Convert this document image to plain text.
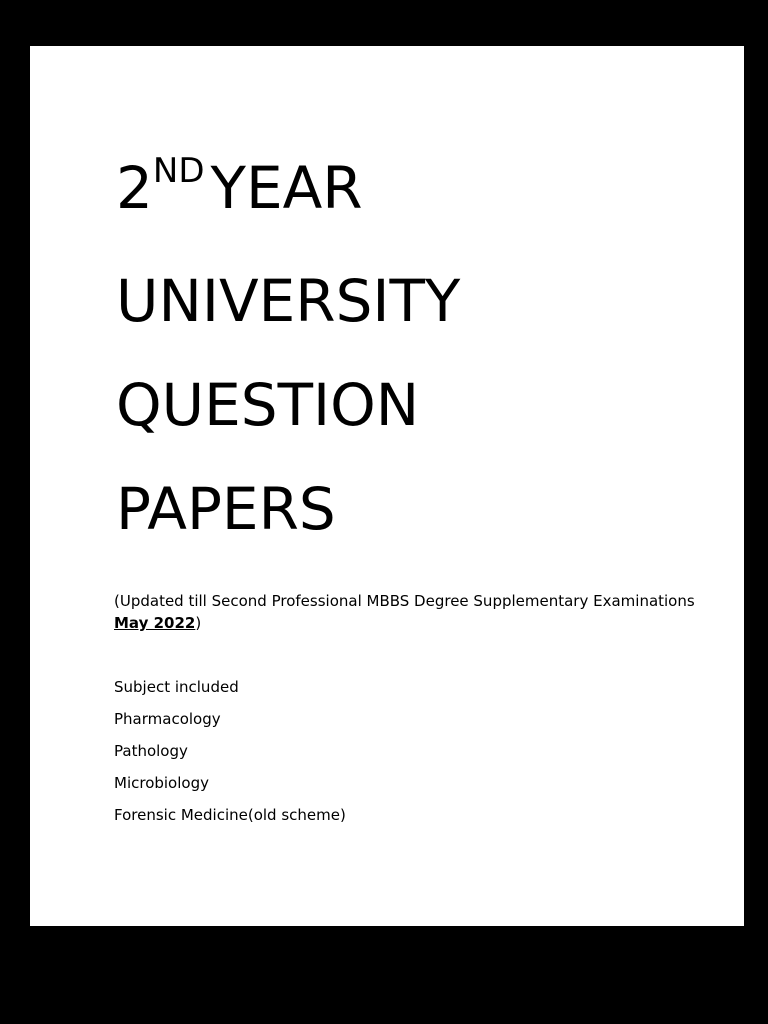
2ND YEAR
UNIVERSITY
QUESTION
PAPERS

(Updated till Second Professional MBBS Degree Supplementary Examinations May 2022)

Subject included
Pharmacology
Pathology
Microbiology
Forensic Medicine(old scheme)
